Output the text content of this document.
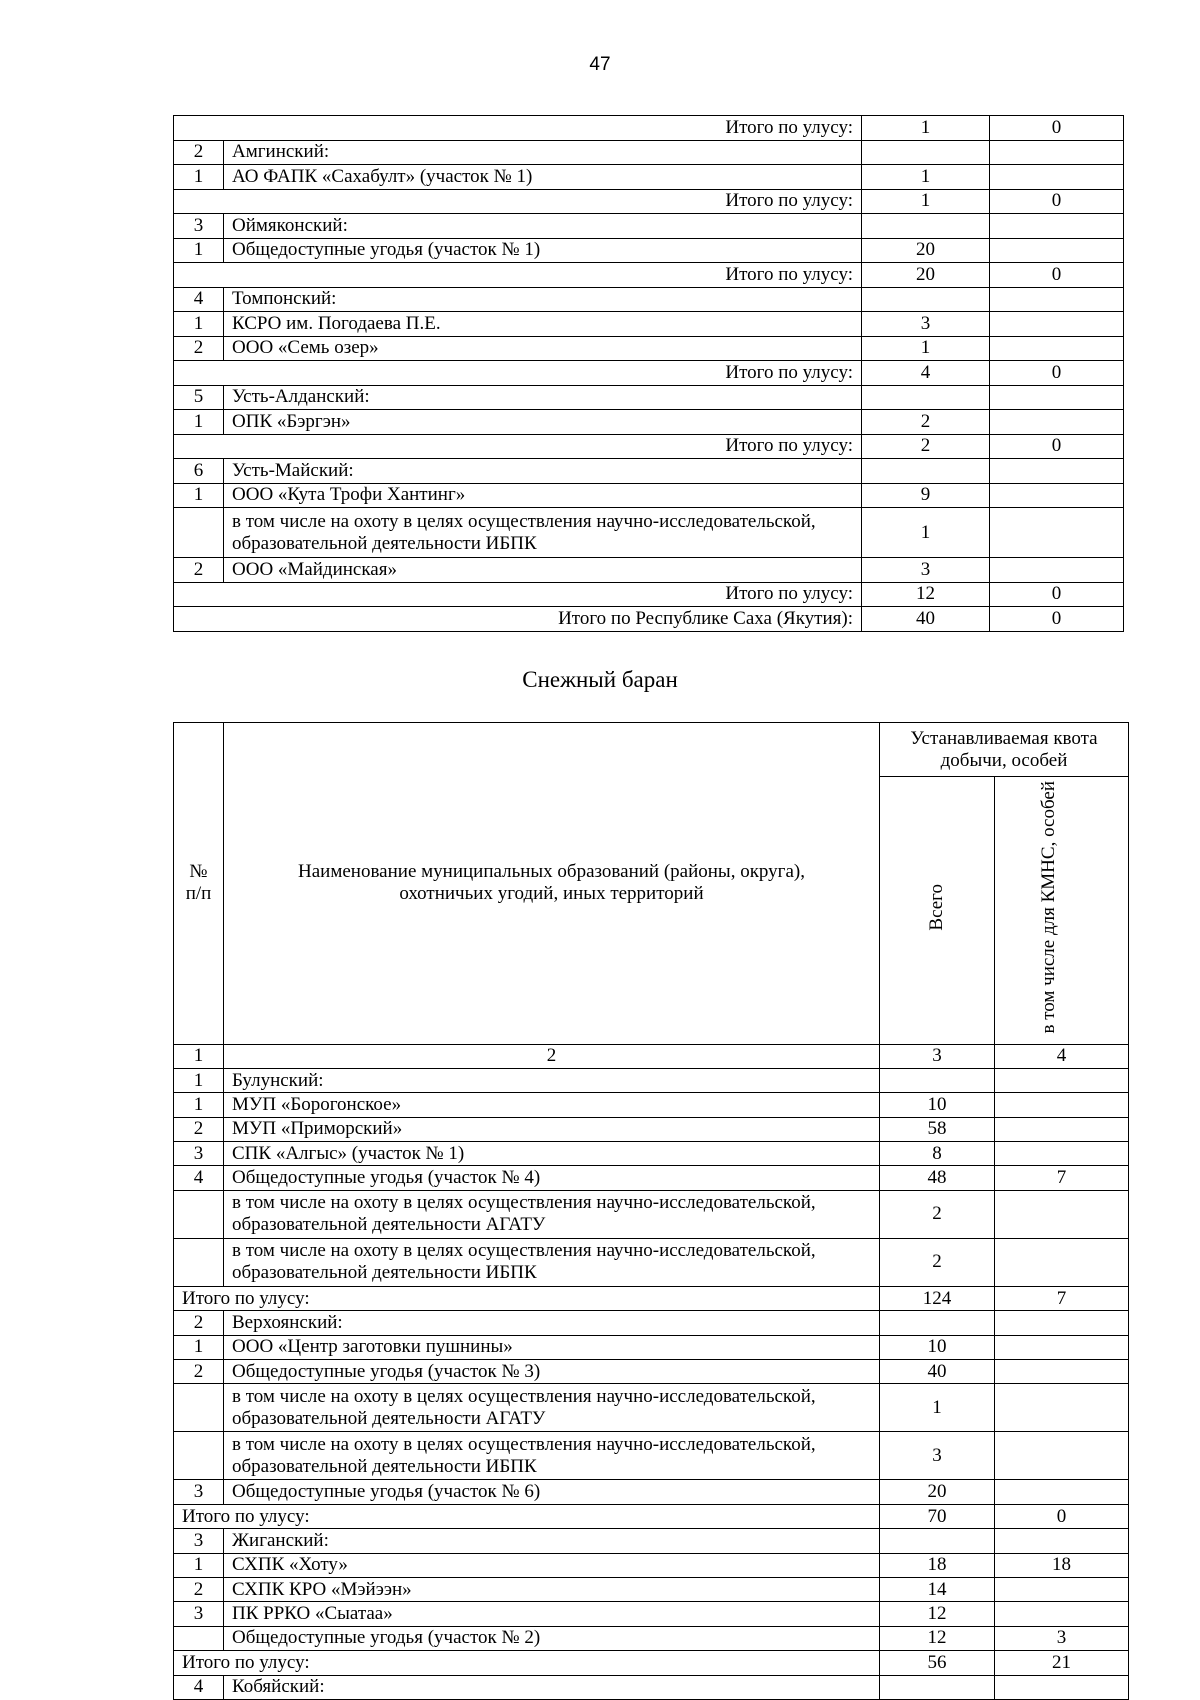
47
Итого по улусу:		1	0
2	Амгинский:		
1	АО ФАПК «Сахабулт» (участок № 1)	1	
Итого по улусу:		1	0
3	Оймяконский:		
1	Общедоступные угодья (участок № 1)	20	
Итого по улусу:		20	0
4	Томпонский:		
1	КСРО им. Погодаева П.Е.	3	
2	ООО «Семь озер»	1	
Итого по улусу:		4	0
5	Усть-Алданский:		
1	ОПК «Бэргэн»	2	
Итого по улусу:		2	0
6	Усть-Майский:		
1	ООО «Кута Трофи Хантинг»	9	
	в том числе на охоту в целях осуществления научно-исследовательской, образовательной деятельности ИБПК	1	
2	ООО «Майдинская»	3	
Итого по улусу:		12	0
Итого по Республике Саха (Якутия):		40	0
Снежный баран
№ п/п	Наименование муниципальных образований (районы, округа), охотничьих угодий, иных территорий	Устанавливаемая квота добычи, особей	
		Всего	в том числе для КМНС, особей
1	2	3	4
1	Булунский:		
1	МУП «Борогонское»	10	
2	МУП «Приморский»	58	
3	СПК «Алгыс» (участок № 1)	8	
4	Общедоступные угодья (участок № 4)	48	7
	в том числе на охоту в целях осуществления научно-исследовательской, образовательной деятельности АГАТУ	2	
	в том числе на охоту в целях осуществления научно-исследовательской, образовательной деятельности ИБПК	2	
Итого по улусу:		124	7
2	Верхоянский:		
1	ООО «Центр заготовки пушнины»	10	
2	Общедоступные угодья (участок № 3)	40	
	в том числе на охоту в целях осуществления научно-исследовательской, образовательной деятельности АГАТУ	1	
	в том числе на охоту в целях осуществления научно-исследовательской, образовательной деятельности ИБПК	3	
3	Общедоступные угодья (участок № 6)	20	
Итого по улусу:		70	0
3	Жиганский:		
1	СХПК «Хоту»	18	18
2	СХПК КРО «Мэйээн»	14	
3	ПК РРКО «Сыатаа»	12	
	Общедоступные угодья (участок № 2)	12	3
Итого по улусу:		56	21
4	Кобяйский:		
